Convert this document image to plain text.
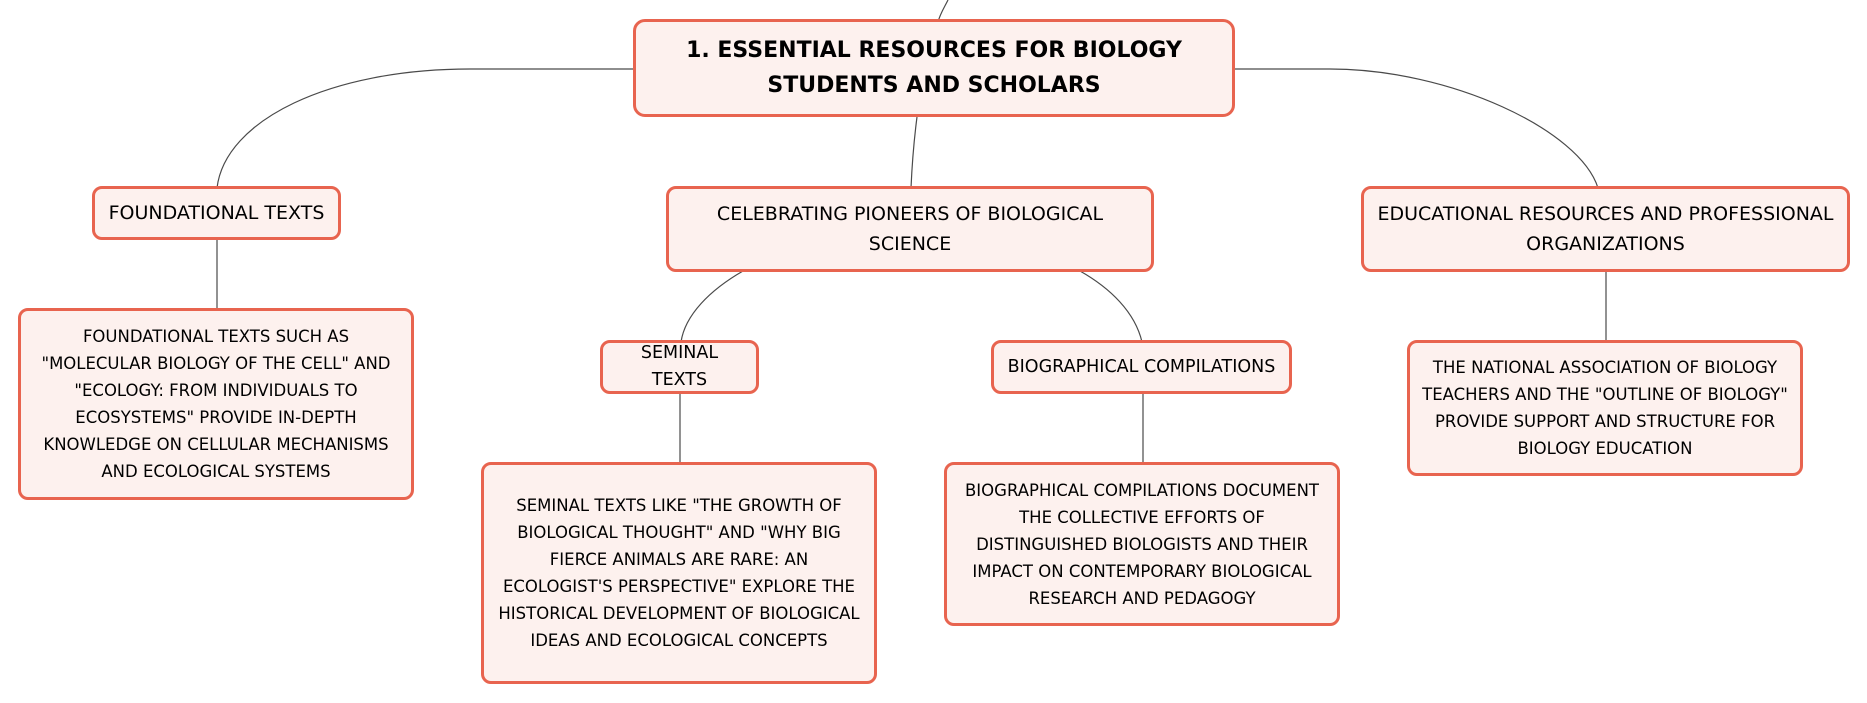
1. ESSENTIAL RESOURCES FOR BIOLOGY STUDENTS AND SCHOLARS
FOUNDATIONAL TEXTS
FOUNDATIONAL TEXTS SUCH AS "MOLECULAR BIOLOGY OF THE CELL" AND "ECOLOGY: FROM INDIVIDUALS TO ECOSYSTEMS" PROVIDE IN-DEPTH KNOWLEDGE ON CELLULAR MECHANISMS AND ECOLOGICAL SYSTEMS
CELEBRATING PIONEERS OF BIOLOGICAL SCIENCE
SEMINAL TEXTS
SEMINAL TEXTS LIKE "THE GROWTH OF BIOLOGICAL THOUGHT" AND "WHY BIG FIERCE ANIMALS ARE RARE: AN ECOLOGIST'S PERSPECTIVE" EXPLORE THE HISTORICAL DEVELOPMENT OF BIOLOGICAL IDEAS AND ECOLOGICAL CONCEPTS
BIOGRAPHICAL COMPILATIONS
BIOGRAPHICAL COMPILATIONS DOCUMENT THE COLLECTIVE EFFORTS OF DISTINGUISHED BIOLOGISTS AND THEIR IMPACT ON CONTEMPORARY BIOLOGICAL RESEARCH AND PEDAGOGY
EDUCATIONAL RESOURCES AND PROFESSIONAL ORGANIZATIONS
THE NATIONAL ASSOCIATION OF BIOLOGY TEACHERS AND THE "OUTLINE OF BIOLOGY" PROVIDE SUPPORT AND STRUCTURE FOR BIOLOGY EDUCATION
